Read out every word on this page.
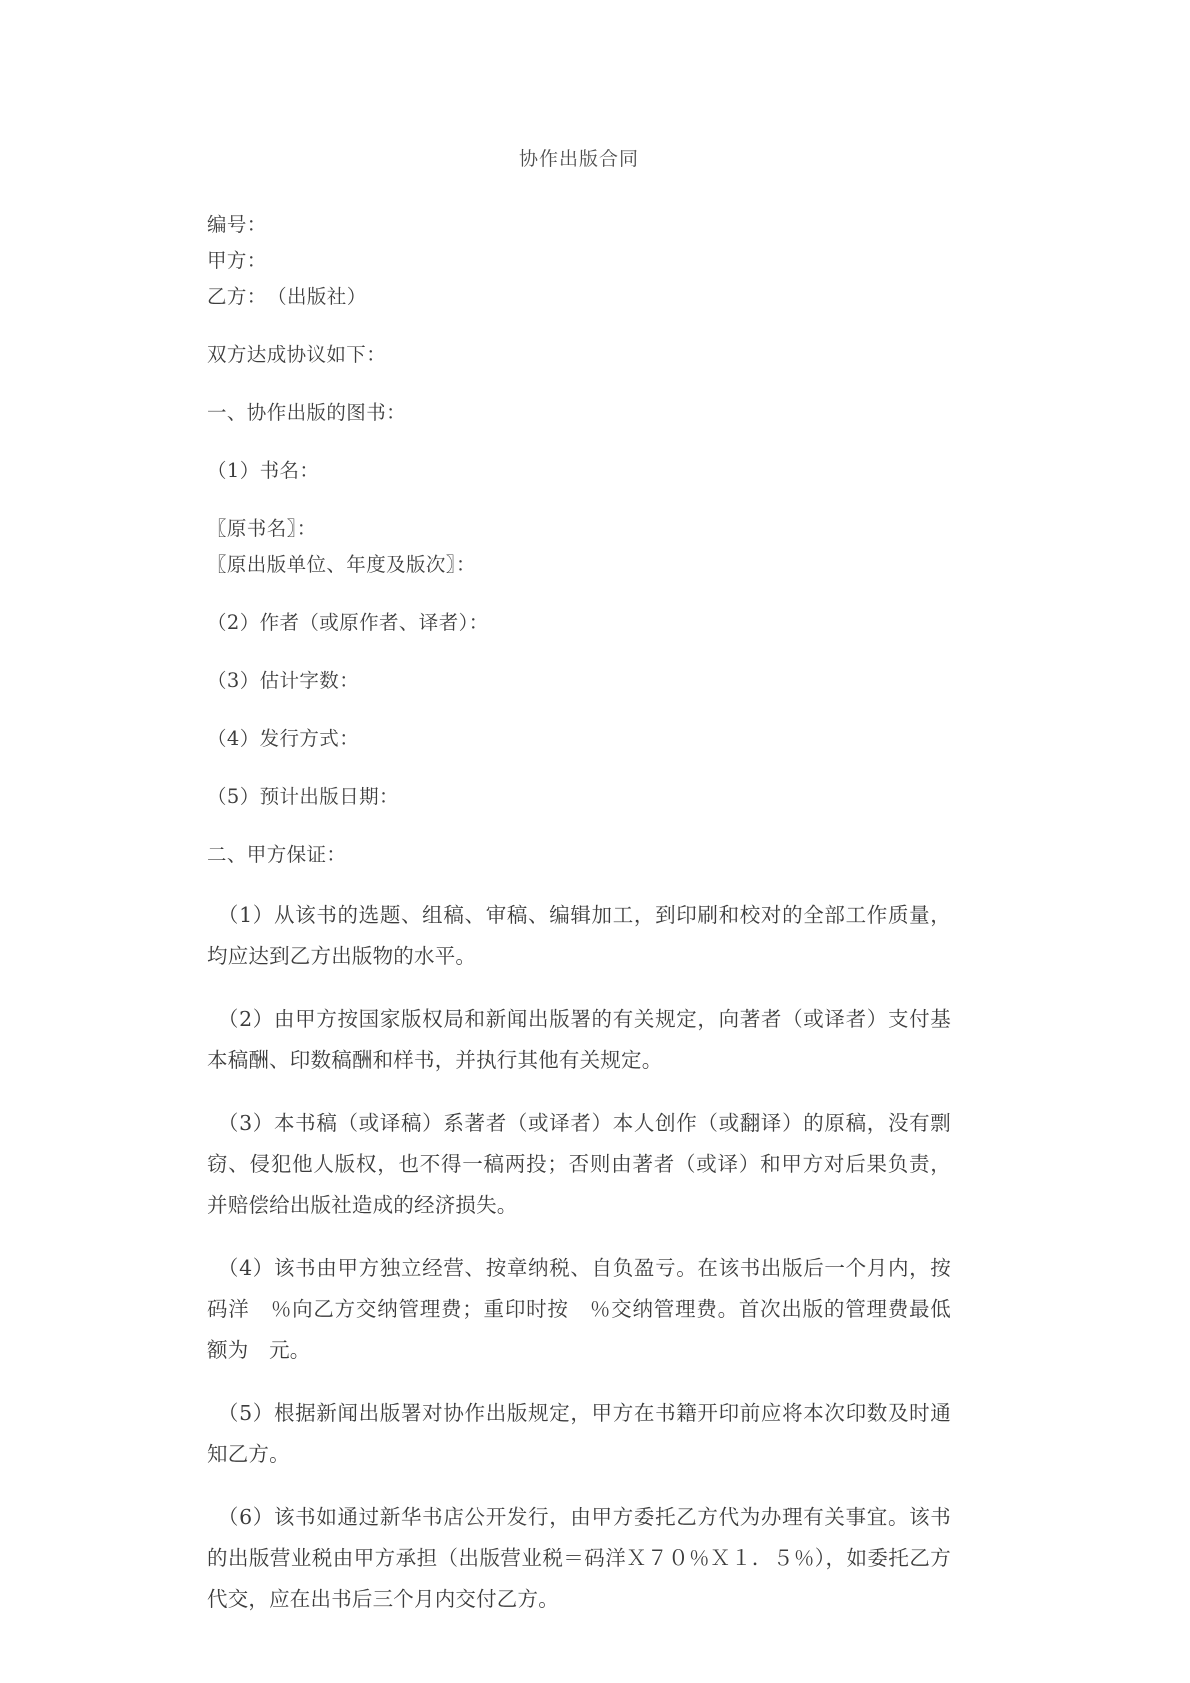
协作出版合同

编号：

甲方：

乙方：　（出版社）

双方达成协议如下：

一、协作出版的图书：

（1）书名：

〖原书名〗：

〖原出版单位、年度及版次〗：

（2）作者（或原作者、译者）：

（3）估计字数：

（4）发行方式：

（5）预计出版日期：

二、甲方保证：

　（1）从该书的选题、组稿、审稿、编辑加工，到印刷和校对的全部工作质量，均应达到乙方出版物的水平。

　（2）由甲方按国家版权局和新闻出版署的有关规定，向著者（或译者）支付基本稿酬、印数稿酬和样书，并执行其他有关规定。

　（3）本书稿（或译稿）系著者（或译者）本人创作（或翻译）的原稿，没有剽窃、侵犯他人版权，也不得一稿两投；否则由著者（或译）和甲方对后果负责，并赔偿给出版社造成的经济损失。

　（4）该书由甲方独立经营、按章纳税、自负盈亏。在该书出版后一个月内，按码洋　％向乙方交纳管理费；重印时按　％交纳管理费。首次出版的管理费最低额为　元。

　（5）根据新闻出版署对协作出版规定，甲方在书籍开印前应将本次印数及时通知乙方。

　（6）该书如通过新华书店公开发行，由甲方委托乙方代为办理有关事宜。该书的出版营业税由甲方承担（出版营业税＝码洋Ｘ７０％Ｘ１．５％），如委托乙方代交，应在出书后三个月内交付乙方。
